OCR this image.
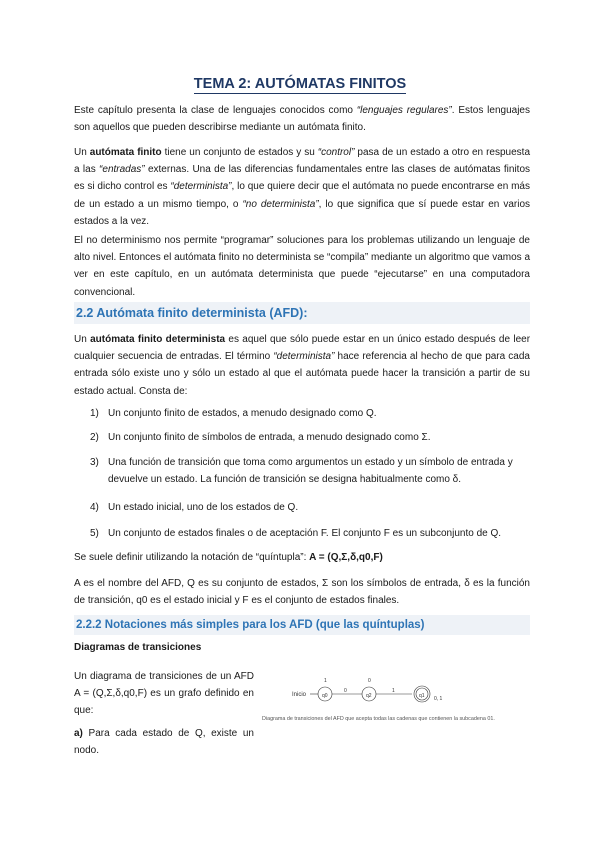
TEMA 2: AUTÓMATAS FINITOS

Este capítulo presenta la clase de lenguajes conocidos como “lenguajes regulares”. Estos lenguajes son aquellos que pueden describirse mediante un autómata finito.

Un autómata finito tiene un conjunto de estados y su “control” pasa de un estado a otro en respuesta a las “entradas” externas. Una de las diferencias fundamentales entre las clases de autómatas finitos es si dicho control es “determinista”, lo que quiere decir que el autómata no puede encontrarse en más de un estado a un mismo tiempo, o “no determinista”, lo que significa que sí puede estar en varios estados a la vez.

El no determinismo nos permite “programar” soluciones para los problemas utilizando un lenguaje de alto nivel. Entonces el autómata finito no determinista se “compila” mediante un algoritmo que vamos a ver en este capítulo, en un autómata determinista que puede “ejecutarse” en una computadora convencional.

2.2 Autómata finito determinista (AFD):

Un autómata finito determinista es aquel que sólo puede estar en un único estado después de leer cualquier secuencia de entradas. El término “determinista” hace referencia al hecho de que para cada entrada sólo existe uno y sólo un estado al que el autómata puede hacer la transición a partir de su estado actual. Consta de:

1) Un conjunto finito de estados, a menudo designado como Q.
2) Un conjunto finito de símbolos de entrada, a menudo designado como Σ.
3) Una función de transición que toma como argumentos un estado y un símbolo de entrada y devuelve un estado. La función de transición se designa habitualmente como δ.
4) Un estado inicial, uno de los estados de Q.
5) Un conjunto de estados finales o de aceptación F. El conjunto F es un subconjunto de Q.

Se suele definir utilizando la notación de “quíntupla”: A = (Q,Σ,δ,q0,F)

A es el nombre del AFD, Q es su conjunto de estados, Σ son los símbolos de entrada, δ es la función de transición, q0 es el estado inicial y F es el conjunto de estados finales.

2.2.2 Notaciones más simples para los AFD (que las quíntuplas)
Diagramas de transiciones

Un diagrama de transiciones de un AFD A = (Q,Σ,δ,q0,F) es un grafo definido en que:

a) Para cada estado de Q, existe un nodo.

Inicio	q0
1
0
q2
0
1
q1 0, 1
Diagrama de transiciones del AFD que acepta todas las cadenas que contienen la subcadena 01.
